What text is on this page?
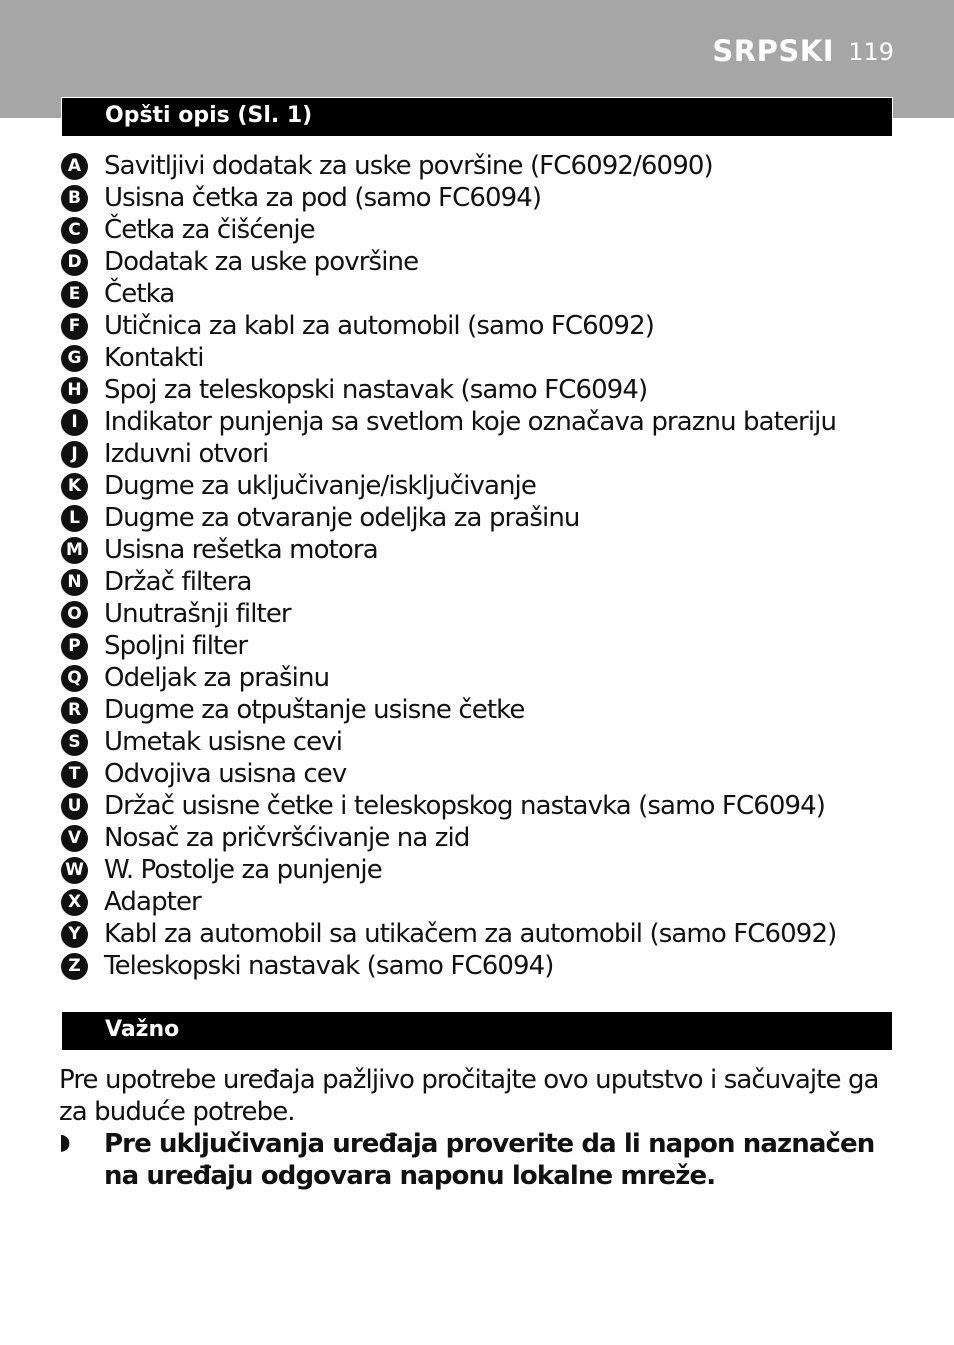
SRPSKI 119
Opšti opis (Sl. 1)
A Savitljivi dodatak za uske površine (FC6092/6090)
B Usisna četka za pod (samo FC6094)
C Četka za čišćenje
D Dodatak za uske površine
E Četka
F Utičnica za kabl za automobil (samo FC6092)
G Kontakti
H Spoj za teleskopski nastavak (samo FC6094)
I	Indikator punjenja sa svetlom koje označava praznu bateriju
J	Izduvni otvori
K Dugme za uključivanje/isključivanje
L Dugme za otvaranje odeljka za prašinu
M Usisna rešetka motora
N Držač filtera
O Unutrašnji filter
P Spoljni filter
Q Odeljak za prašinu
R Dugme za otpuštanje usisne četke
S Umetak usisne cevi
T Odvojiva usisna cev
U Držač usisne četke i teleskopskog nastavka (samo FC6094)
V Nosač za pričvršćivanje na zid
W W. Postolje za punjenje
X Adapter
Y Kabl za automobil sa utikačem za automobil (samo FC6092)
Z Teleskopski nastavak (samo FC6094)
Važno

Pre upotrebe uređaja pažljivo pročitajte ovo uputstvo i sačuvajte ga za buduće potrebe.

◗ Pre uključivanja uređaja proverite da li napon naznačen na uređaju odgovara naponu lokalne mreže.
